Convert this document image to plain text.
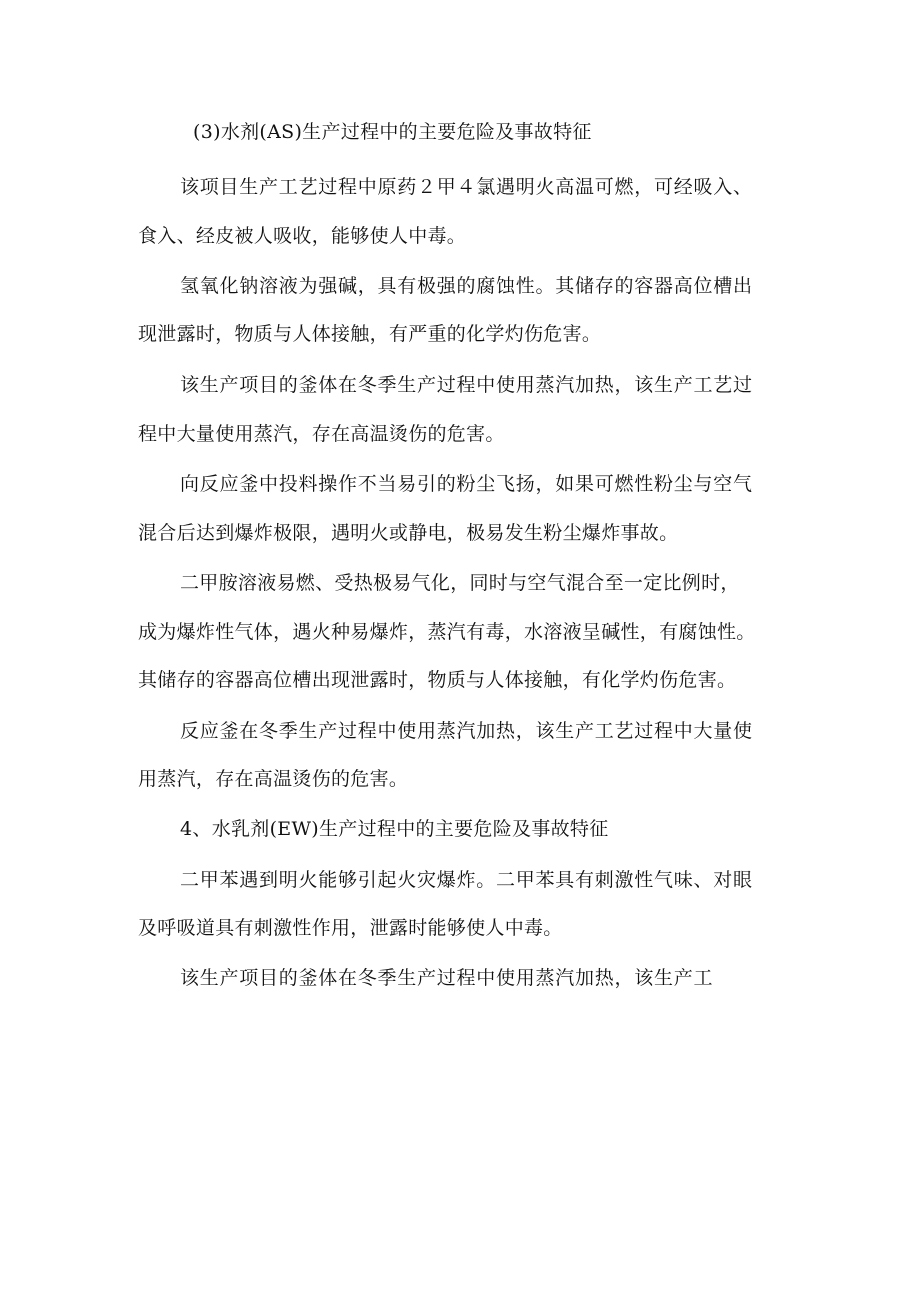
(3)水剂(AS)生产过程中的主要危险及事故特征
该项目生产工艺过程中原药２甲４氯遇明火高温可燃，可经吸入、
食入、经皮被人吸收，能够使人中毒。
氢氧化钠溶液为强碱，具有极强的腐蚀性。其储存的容器高位槽出
现泄露时，物质与人体接触，有严重的化学灼伤危害。
该生产项目的釜体在冬季生产过程中使用蒸汽加热，该生产工艺过
程中大量使用蒸汽，存在高温烫伤的危害。
向反应釜中投料操作不当易引的粉尘飞扬，如果可燃性粉尘与空气
混合后达到爆炸极限，遇明火或静电，极易发生粉尘爆炸事故。
二甲胺溶液易燃、受热极易气化，同时与空气混合至一定比例时，
成为爆炸性气体，遇火种易爆炸，蒸汽有毒，水溶液呈碱性，有腐蚀性。
其储存的容器高位槽出现泄露时，物质与人体接触，有化学灼伤危害。
反应釜在冬季生产过程中使用蒸汽加热，该生产工艺过程中大量使
用蒸汽，存在高温烫伤的危害。
4、水乳剂(EW)生产过程中的主要危险及事故特征
二甲苯遇到明火能够引起火灾爆炸。二甲苯具有刺激性气味、对眼
及呼吸道具有刺激性作用，泄露时能够使人中毒。
该生产项目的釜体在冬季生产过程中使用蒸汽加热，该生产工
